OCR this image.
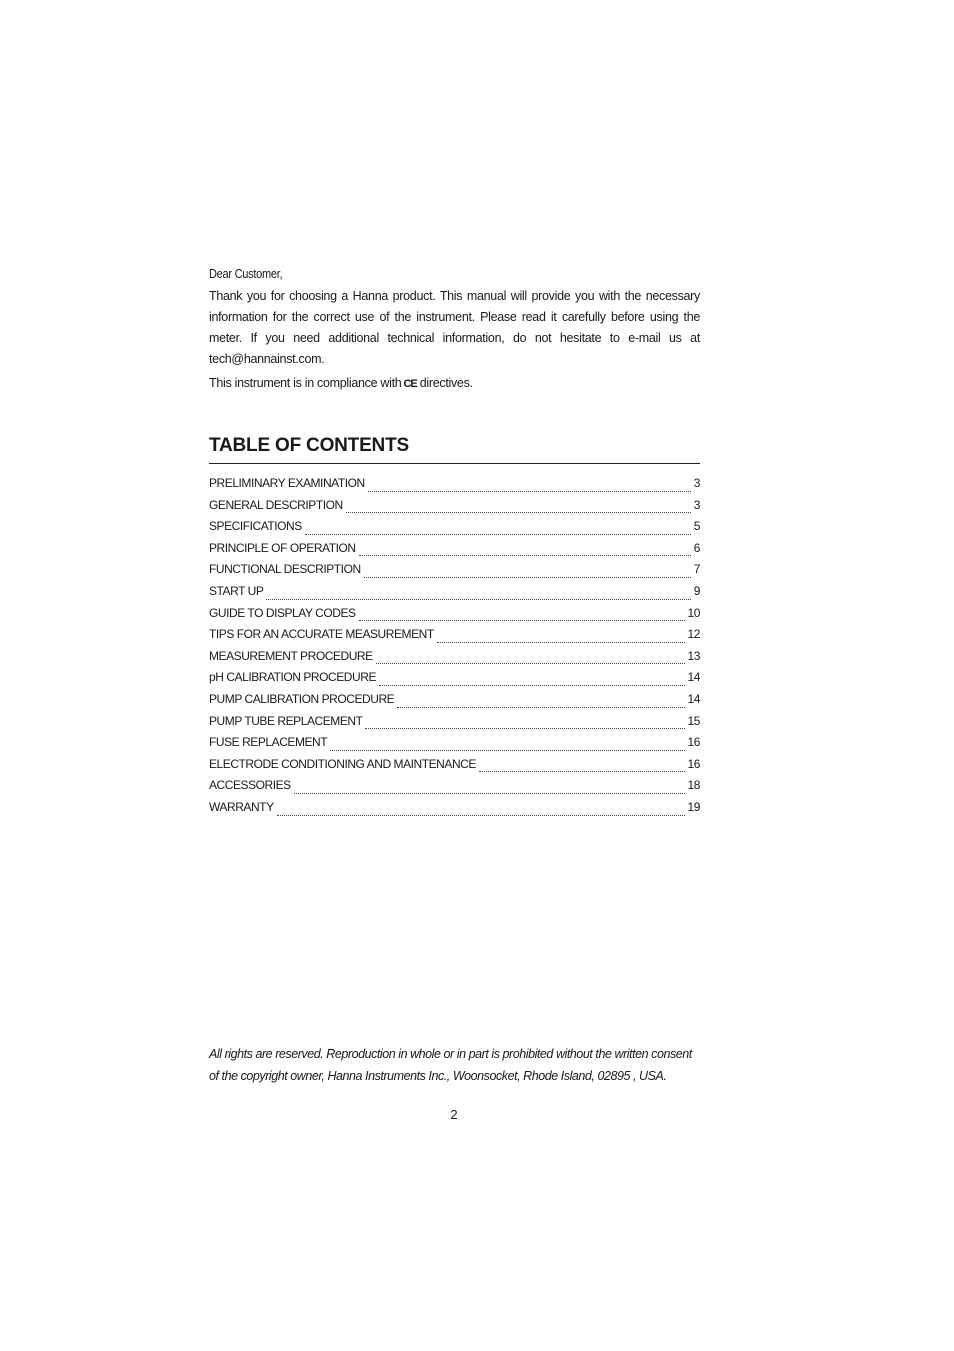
Dear Customer,

Thank you for choosing a Hanna product. This manual will provide you with the necessary information for the correct use of the instrument. Please read it carefully before using the meter. If you need additional technical information, do not hesitate to e-mail us at tech@hannainst.com.

This instrument is in compliance with CE directives.

TABLE OF CONTENTS
PRELIMINARY EXAMINATION	3
GENERAL DESCRIPTION	3
SPECIFICATIONS	5
PRINCIPLE OF OPERATION	6
FUNCTIONAL DESCRIPTION	7
START UP	9
GUIDE TO DISPLAY CODES	10
TIPS FOR AN ACCURATE MEASUREMENT	12
MEASUREMENT PROCEDURE	13
pH CALIBRATION PROCEDURE	14
PUMP CALIBRATION PROCEDURE	14
PUMP TUBE REPLACEMENT	15
FUSE REPLACEMENT	16
ELECTRODE CONDITIONING AND MAINTENANCE	16
ACCESSORIES	18
WARRANTY	19

All rights are reserved. Reproduction in whole or in part is prohibited without the written consent of the copyright owner, Hanna Instruments Inc., Woonsocket, Rhode Island, 02895 , USA.

2
